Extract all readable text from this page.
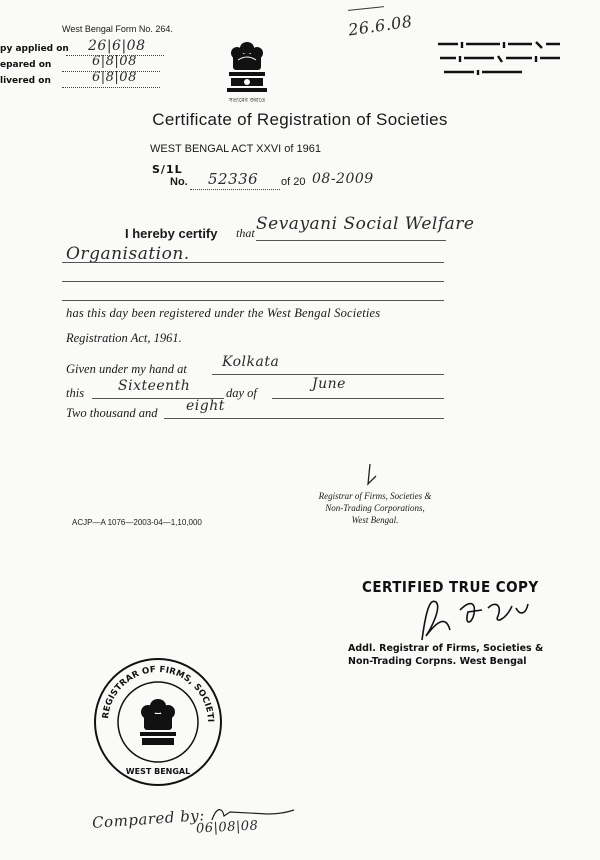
West Bengal Form No. 264.
py applied on 26|6|08
epared on	6|8|08
livered on	6|8|08
26.6.08
সত্যমেব জয়তে
Certificate of Registration of Societies
WEST BENGAL ACT XXVI of 1961
S/1L
No. 52336 of 20 08-2009
I hereby certify that Sevayani Social Welfare
Organisation.
has this day been registered under the West Bengal Societies
Registration Act, 1961.
Given under my hand at	Kolkata
this Sixteenth	day of
June
Two thousand and eight
Registrar of Firms, Societies &
Non-Trading Corporations,
West Bengal.
ACJP—A 1076—2003-04—1,10,000
CERTIFIED TRUE COPY
Addl. Registrar of Firms, Societies &
Non-Trading Corpns. West Bengal
REGISTRAR OF FIRMS, SOCIETI
WEST BENGAL
Compared by:
06|08|08
